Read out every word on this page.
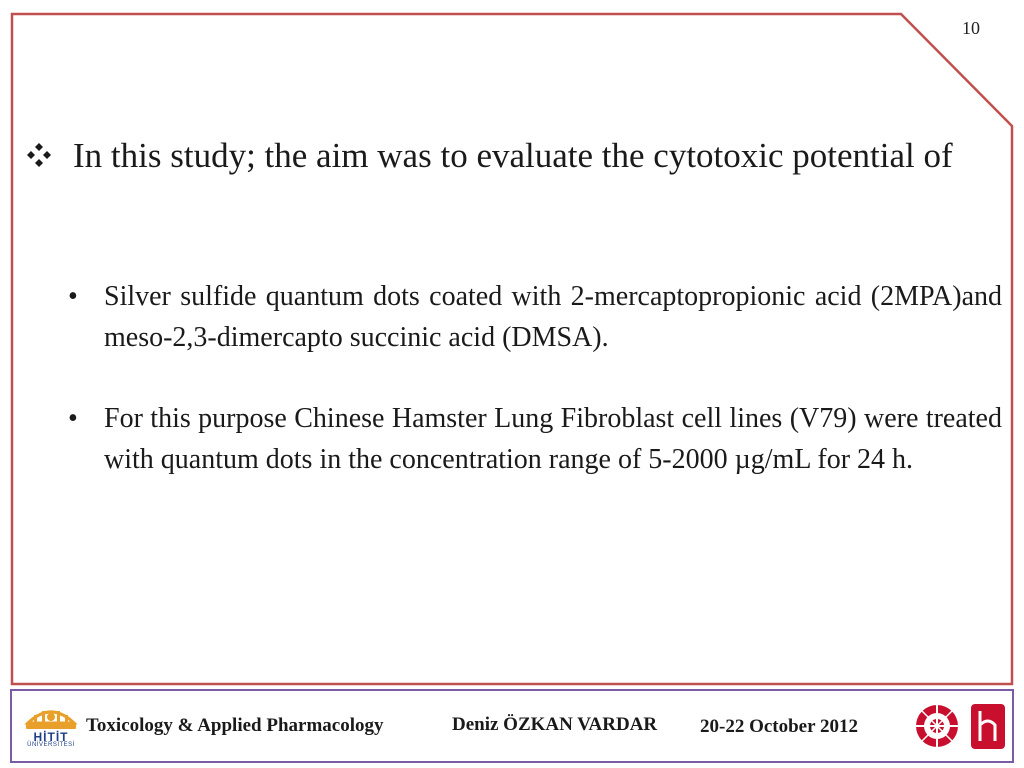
10
In this study; the aim was to evaluate the cytotoxic potential of
• Silver sulfide quantum dots coated with 2-mercaptopropionic acid (2MPA)and meso-2,3-dimercapto succinic acid (DMSA).
• For this purpose Chinese Hamster Lung Fibroblast cell lines (V79) were treated with quantum dots in the concentration range of 5-2000 µg/mL for 24 h.
HİTİT
ÜNİVERSİTESİ
Toxicology & Applied Pharmacology	Deniz ÖZKAN VARDAR 20-22 October 2012
